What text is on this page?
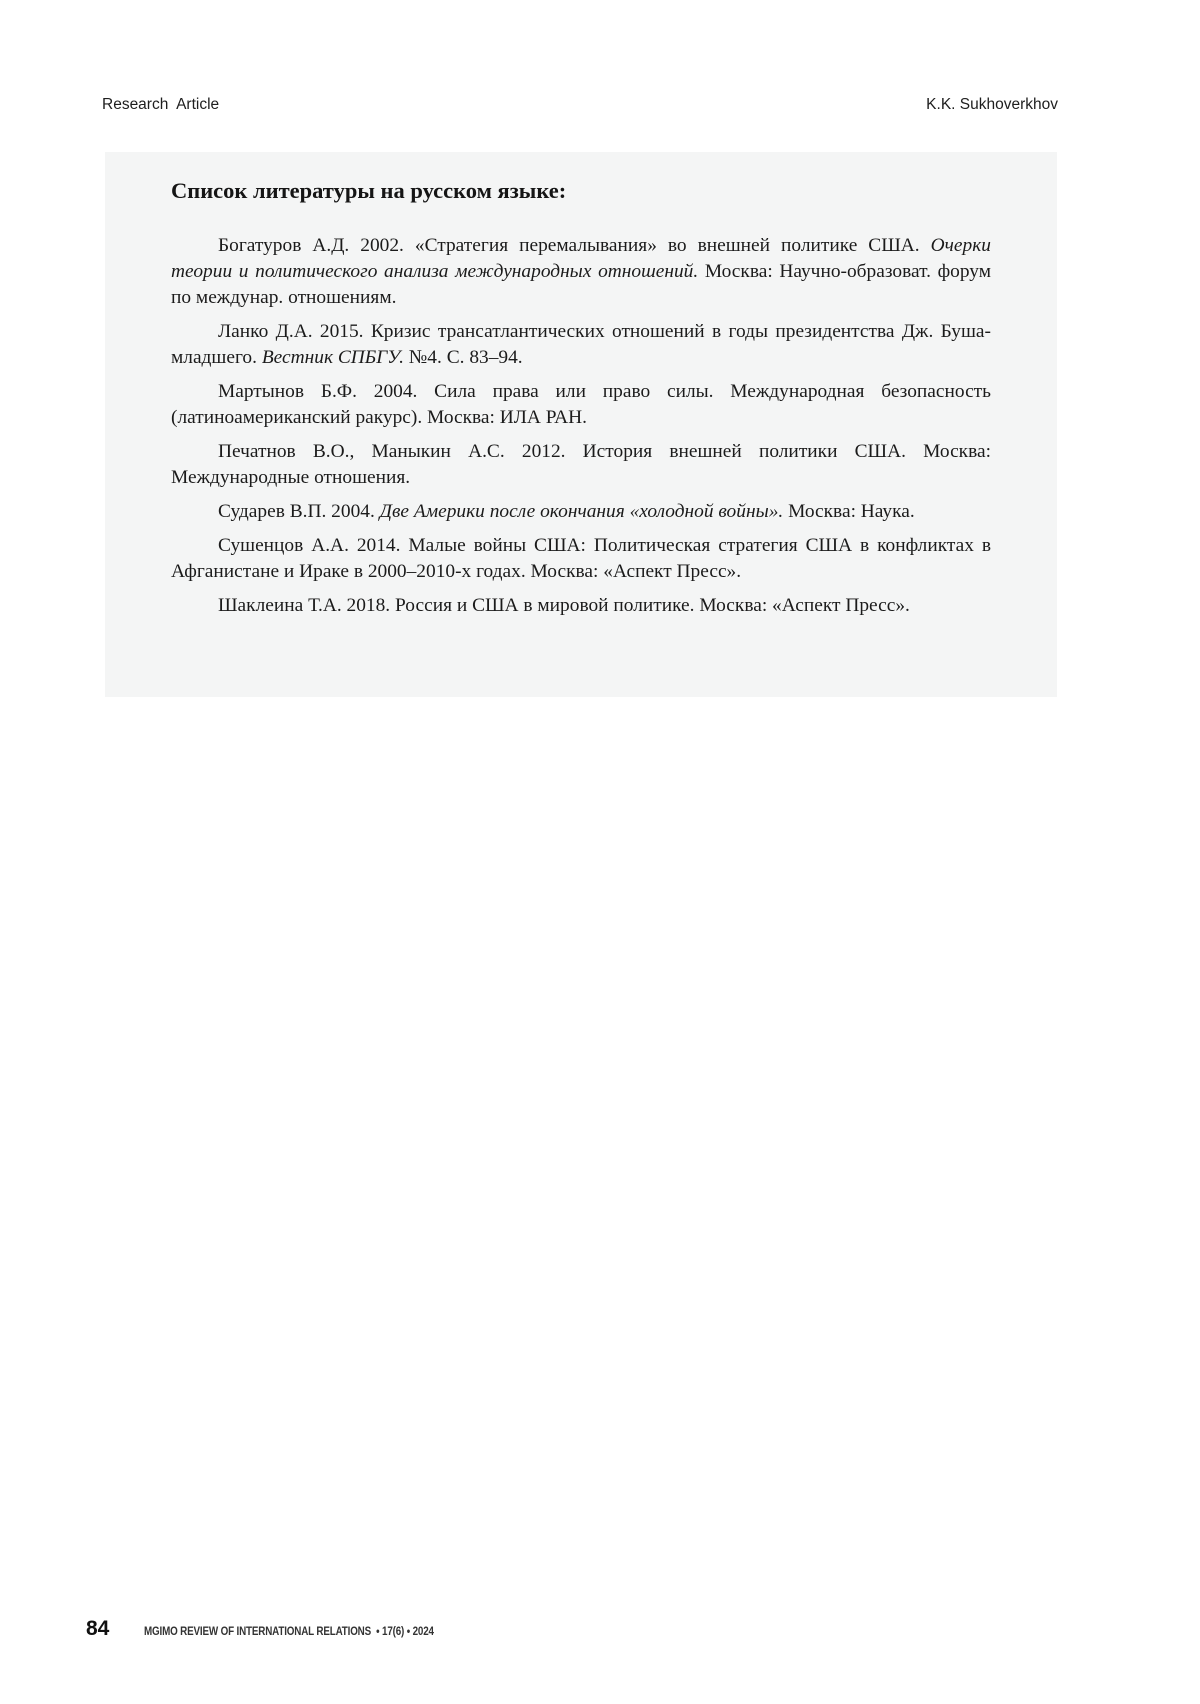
Research  Article	K.K. Sukhoverkhov
Список литературы на русском языке:

Богатуров А.Д. 2002. «Стратегия перемалывания» во внешней политике США. Очерки теории и политического анализа международных отношений. Москва: Научно-образоват. форум по междунар. отношениям.

Ланко Д.А. 2015. Кризис трансатлантических отношений в годы президентства Дж. Буша-младшего. Вестник СПБГУ. №4. С. 83–94.

Мартынов Б.Ф. 2004. Сила права или право силы. Международная безопасность (латиноамериканский ракурс). Москва: ИЛА РАН.

Печатнов В.О., Маныкин А.С. 2012. История внешней политики США. Москва: Международные отношения.

Сударев В.П. 2004. Две Америки после окончания «холодной войны». Москва: Наука.

Сушенцов А.А. 2014. Малые войны США: Политическая стратегия США в конфликтах в Афганистане и Ираке в 2000–2010-х годах. Москва: «Аспект Пресс».

Шаклеина Т.А. 2018. Россия и США в мировой политике. Москва: «Аспект Пресс».

84	MGIMO REVIEW OF INTERNATIONAL RELATIONS  • 17(6) • 2024
